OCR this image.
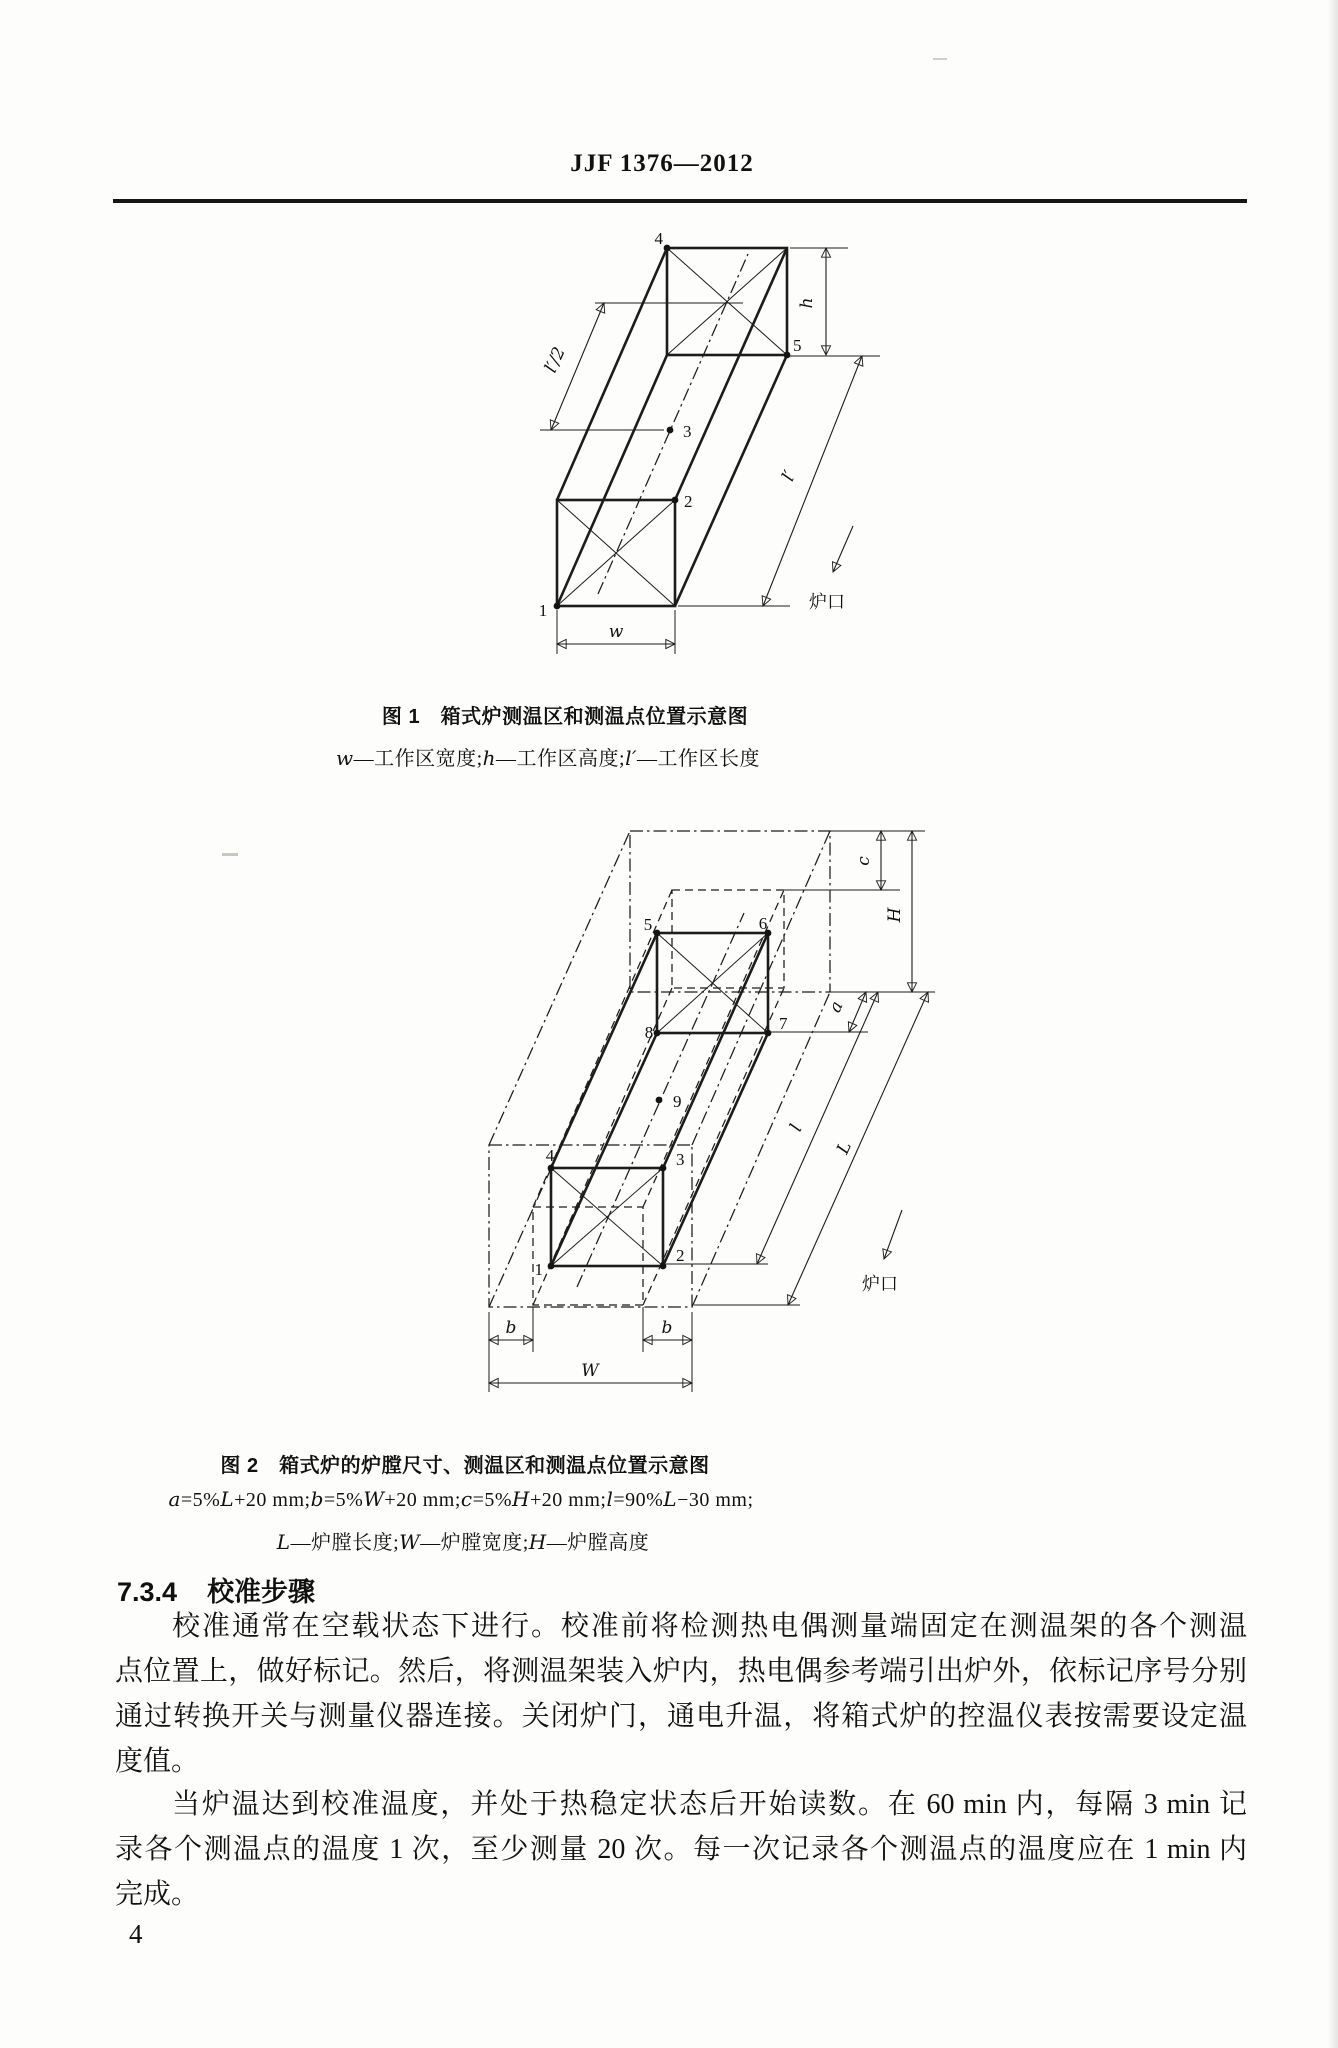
JJF 1376—2012
1
2
3
4
5
l′/2
w
h
l′
炉口
图 1　箱式炉测温区和测温点位置示意图
w—工作区宽度;h—工作区高度;l′—工作区长度
1
2
3
4
5	6
7
8
9
b	b
W
c
H
a
l
L
炉口
图 2　箱式炉的炉膛尺寸、测温区和测温点位置示意图
a=5%L+20 mm;b=5%W+20 mm;c=5%H+20 mm;l=90%L−30 mm;
L—炉膛长度;W—炉膛宽度;H—炉膛高度
7.3.4 校准步骤
校准通常在空载状态下进行。校准前将检测热电偶测量端固定在测温架的各个测温
点位置上，做好标记。然后，将测温架装入炉内，热电偶参考端引出炉外，依标记序号分别
通过转换开关与测量仪器连接。关闭炉门，通电升温，将箱式炉的控温仪表按需要设定温
度值。
当炉温达到校准温度，并处于热稳定状态后开始读数。在 60 min 内，每隔 3 min 记
录各个测温点的温度 1 次，至少测量 20 次。每一次记录各个测温点的温度应在 1 min 内
完成。
4
